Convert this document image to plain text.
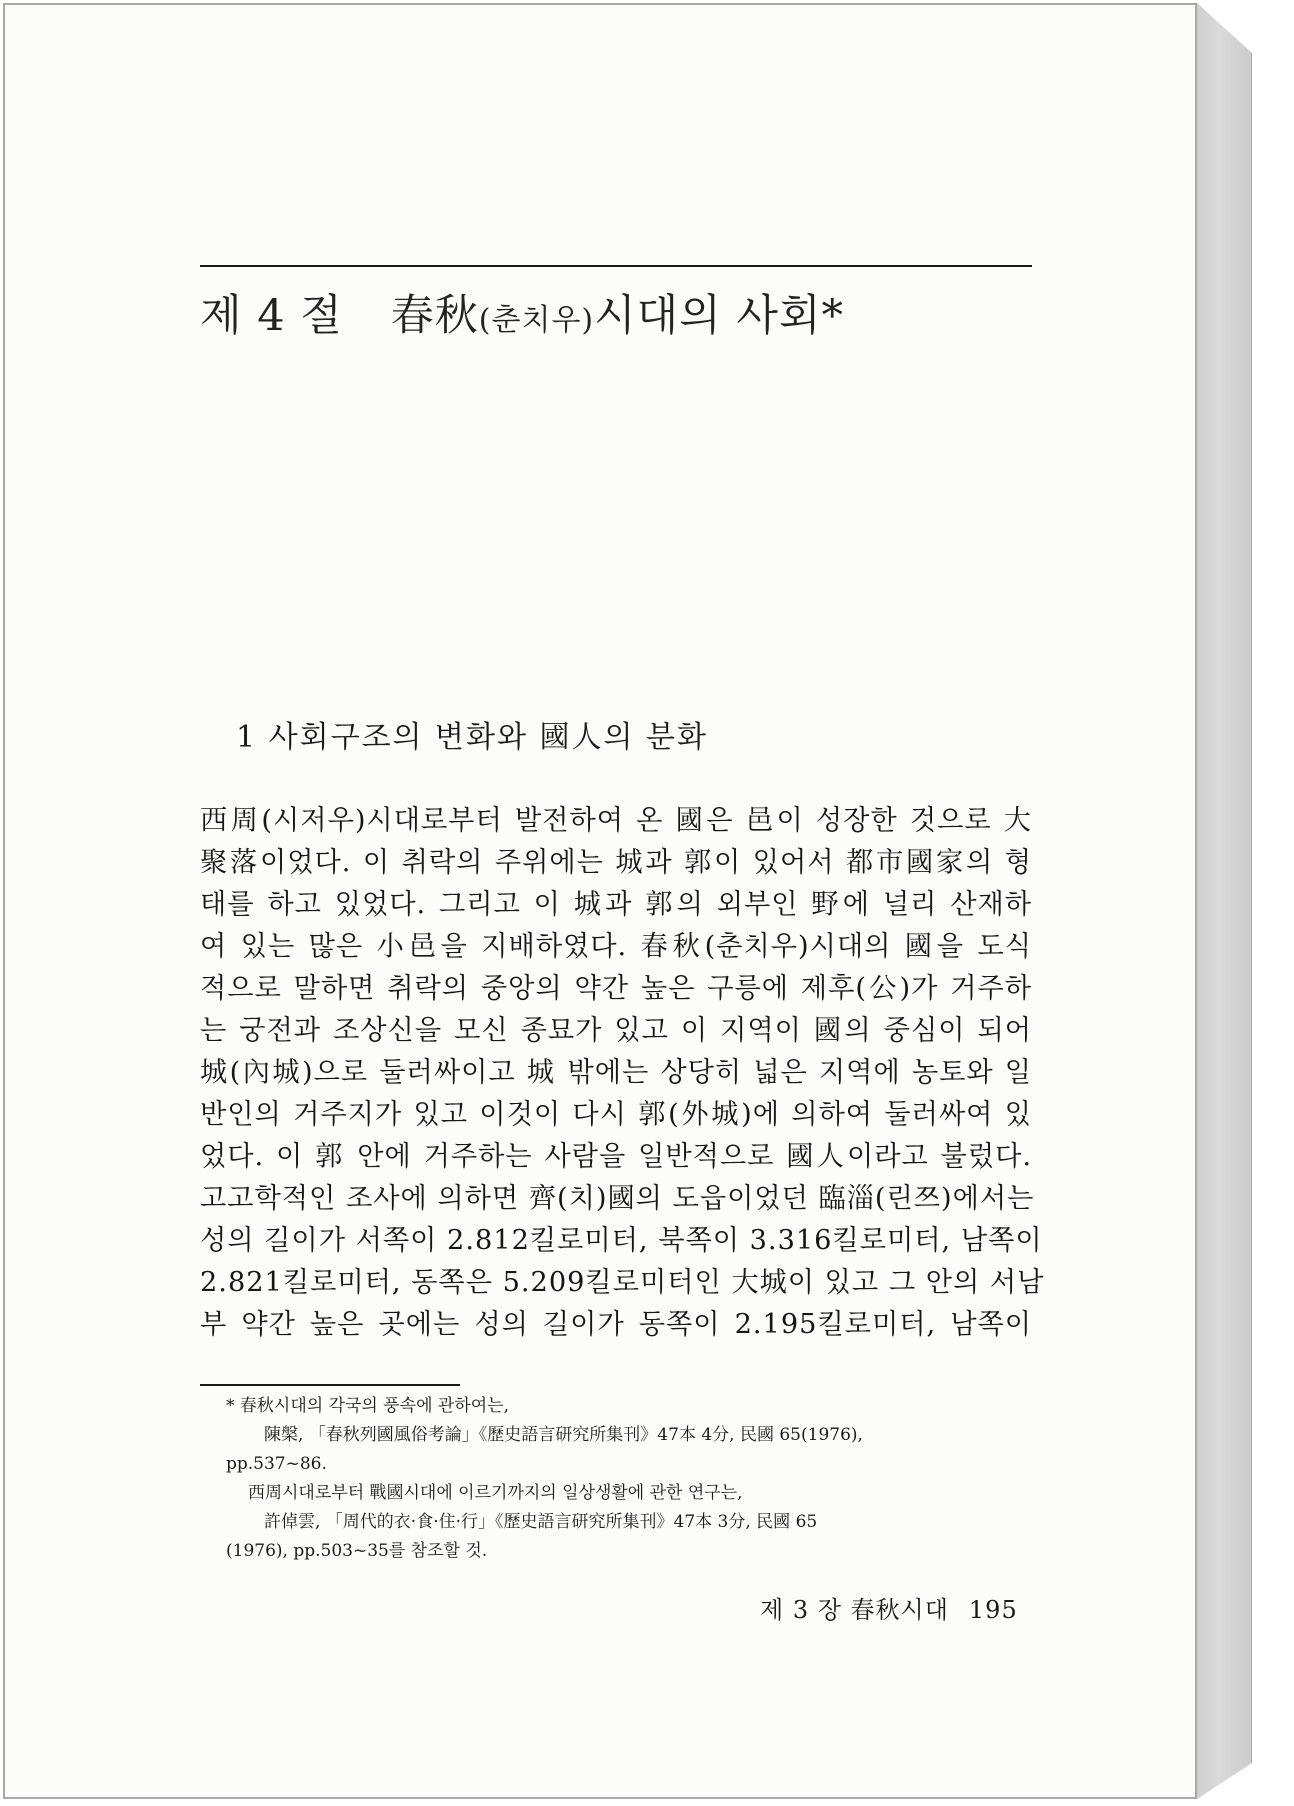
제 4 절 春秋(춘치우)시대의 사회*
1 사회구조의 변화와 國人의 분화
西周(시저우)시대로부터 발전하여 온 國은 邑이 성장한 것으로 大
聚落이었다. 이 취락의 주위에는 城과 郭이 있어서 都市國家의 형
태를 하고 있었다. 그리고 이 城과 郭의 외부인 野에 널리 산재하
여 있는 많은 小邑을 지배하였다. 春秋(춘치우)시대의 國을 도식
적으로 말하면 취락의 중앙의 약간 높은 구릉에 제후(公)가 거주하
는 궁전과 조상신을 모신 종묘가 있고 이 지역이 國의 중심이 되어
城(內城)으로 둘러싸이고 城 밖에는 상당히 넓은 지역에 농토와 일
반인의 거주지가 있고 이것이 다시 郭(外城)에 의하여 둘러싸여 있
었다. 이 郭 안에 거주하는 사람을 일반적으로 國人이라고 불렀다.
고고학적인 조사에 의하면 齊(치)國의 도읍이었던 臨淄(린쯔)에서는
성의 길이가 서쪽이 2.812킬로미터, 북쪽이 3.316킬로미터, 남쪽이
2.821킬로미터, 동쪽은 5.209킬로미터인 大城이 있고 그 안의 서남
부 약간 높은 곳에는 성의 길이가 동쪽이 2.195킬로미터, 남쪽이
* 春秋시대의 각국의 풍속에 관하여는,
陳槃, 「春秋列國風俗考論」《歷史語言研究所集刊》47本 4分, 民國 65(1976),
pp.537~86.
西周시대로부터 戰國시대에 이르기까지의 일상생활에 관한 연구는,
許倬雲, 「周代的衣·食·住·行」《歷史語言研究所集刊》47本 3分, 民國 65
(1976), pp.503~35를 참조할 것.
제 3 장 春秋시대 195
